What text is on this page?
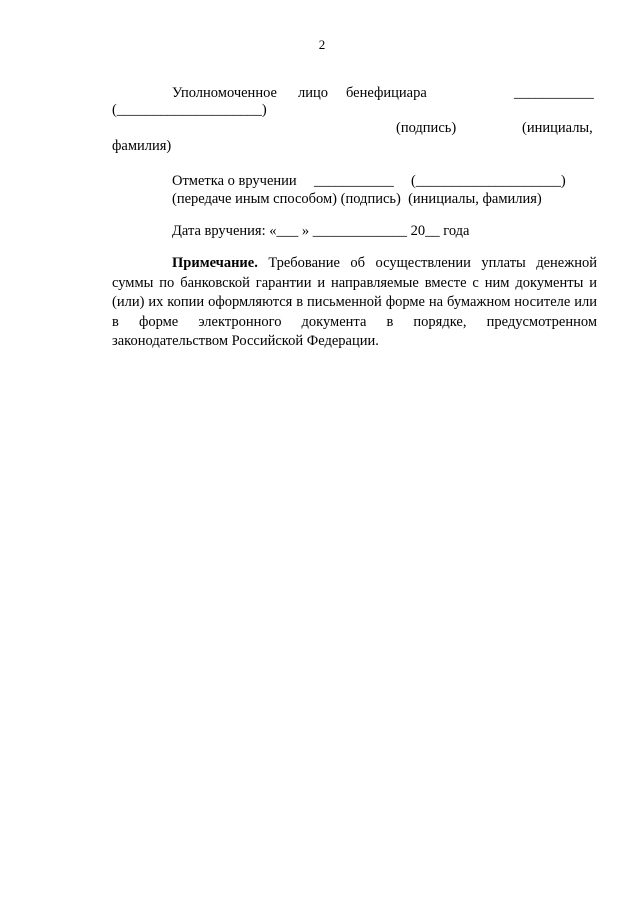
2
Уполномоченное лицо бенефициара	___________
(____________________)
(подпись)	(инициалы,
фамилия)
Отметка о вручении ___________ (____________________)
(передаче иным способом) (подпись)  (инициалы, фамилия)
Дата вручения: «___ » _____________ 20__ года

Примечание. Требование об осуществлении уплаты денежной суммы по банковской гарантии и направляемые вместе с ним документы и (или) их копии оформляются в письменной форме на бумажном носителе или в форме электронного документа в порядке, предусмотренном законодательством Российской Федерации.
